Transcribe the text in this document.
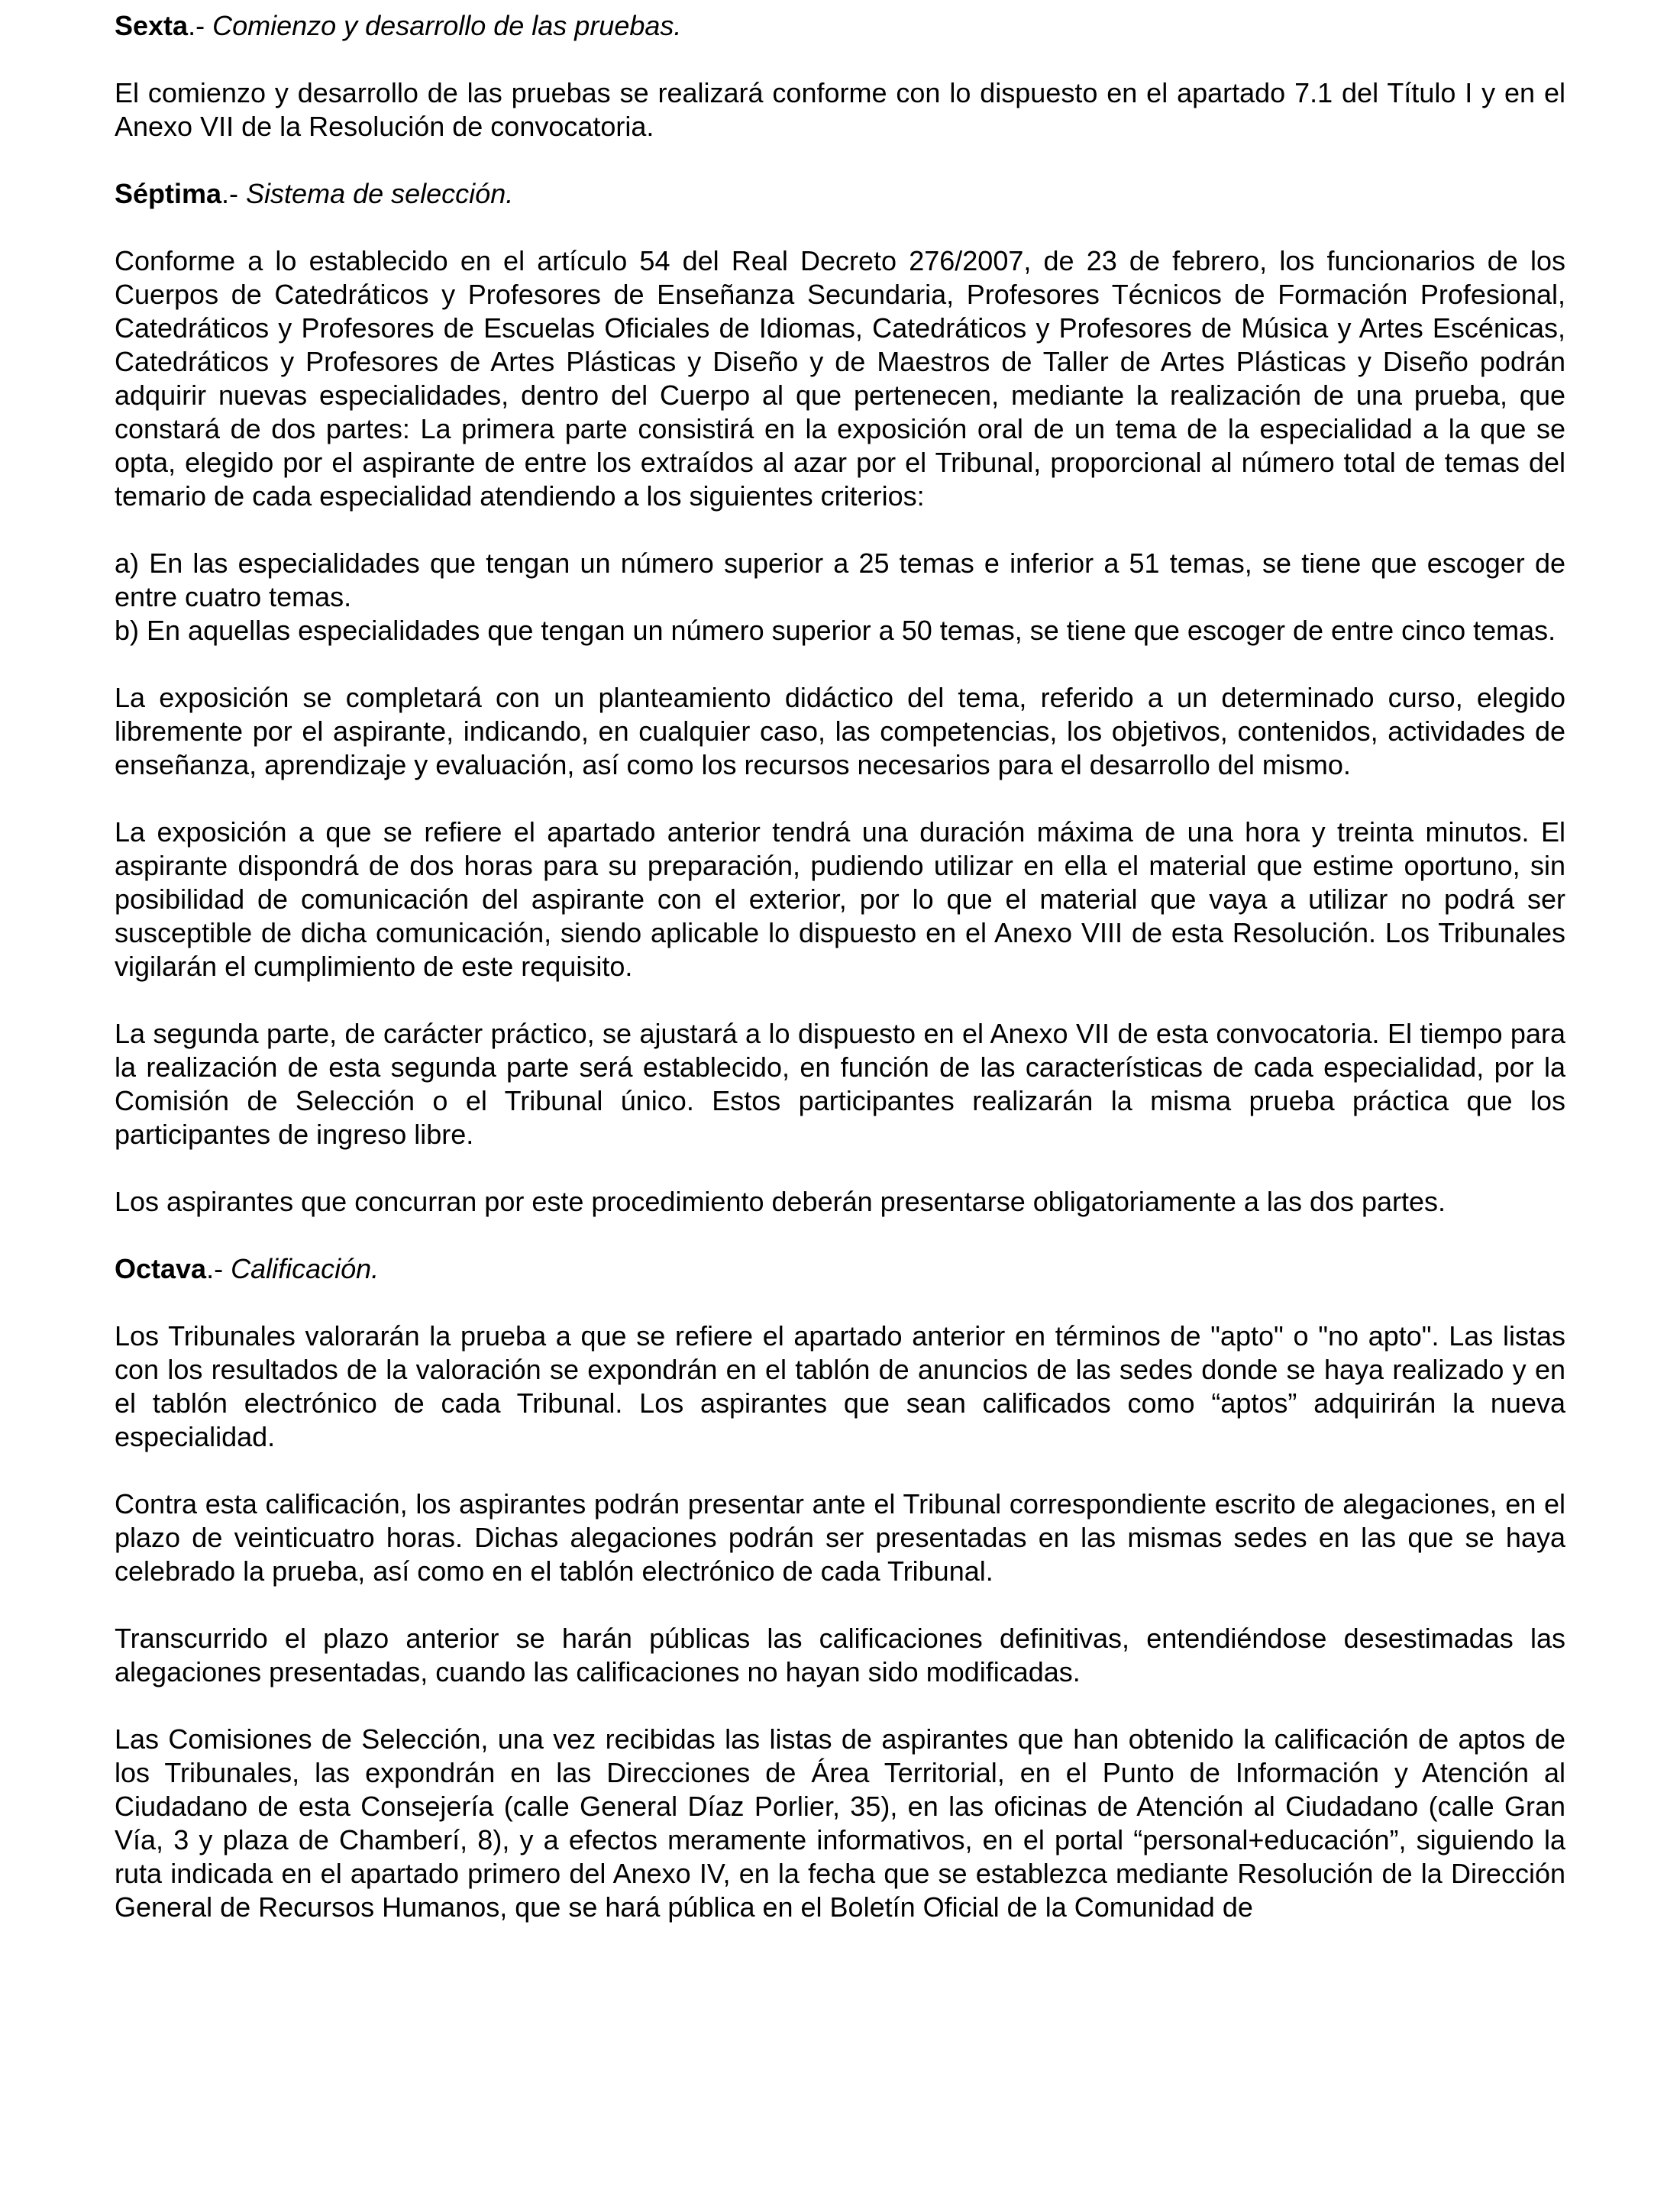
Sexta.- Comienzo y desarrollo de las pruebas.
El comienzo y desarrollo de las pruebas se realizará conforme con lo dispuesto en el apartado 7.1 del Título I y en el Anexo VII de la Resolución de convocatoria.
Séptima.- Sistema de selección.
Conforme a lo establecido en el artículo 54 del Real Decreto 276/2007, de 23 de febrero, los funcionarios de los Cuerpos de Catedráticos y Profesores de Enseñanza Secundaria, Profesores Técnicos de Formación Profesional, Catedráticos y Profesores de Escuelas Oficiales de Idiomas, Catedráticos y Profesores de Música y Artes Escénicas, Catedráticos y Profesores de Artes Plásticas y Diseño y de Maestros de Taller de Artes Plásticas y Diseño podrán adquirir nuevas especialidades, dentro del Cuerpo al que pertenecen, mediante la realización de una prueba, que constará de dos partes: La primera parte consistirá en la exposición oral de un tema de la especialidad a la que se opta, elegido por el aspirante de entre los extraídos al azar por el Tribunal, proporcional al número total de temas del temario de cada especialidad atendiendo a los siguientes criterios:
a) En las especialidades que tengan un número superior a 25 temas e inferior a 51 temas, se tiene que escoger de entre cuatro temas.
b) En aquellas especialidades que tengan un número superior a 50 temas, se tiene que escoger de entre cinco temas.
La exposición se completará con un planteamiento didáctico del tema, referido a un determinado curso, elegido libremente por el aspirante, indicando, en cualquier caso, las competencias, los objetivos, contenidos, actividades de enseñanza, aprendizaje y evaluación, así como los recursos necesarios para el desarrollo del mismo.
La exposición a que se refiere el apartado anterior tendrá una duración máxima de una hora y treinta minutos. El aspirante dispondrá de dos horas para su preparación, pudiendo utilizar en ella el material que estime oportuno, sin posibilidad de comunicación del aspirante con el exterior, por lo que el material que vaya a utilizar no podrá ser susceptible de dicha comunicación, siendo aplicable lo dispuesto en el Anexo VIII de esta Resolución. Los Tribunales vigilarán el cumplimiento de este requisito.
La segunda parte, de carácter práctico, se ajustará a lo dispuesto en el Anexo VII de esta convocatoria. El tiempo para la realización de esta segunda parte será establecido, en función de las características de cada especialidad, por la Comisión de Selección o el Tribunal único. Estos participantes realizarán la misma prueba práctica que los participantes de ingreso libre.
Los aspirantes que concurran por este procedimiento deberán presentarse obligatoriamente a las dos partes.
Octava.- Calificación.
Los Tribunales valorarán la prueba a que se refiere el apartado anterior en términos de "apto" o "no apto". Las listas con los resultados de la valoración se expondrán en el tablón de anuncios de las sedes donde se haya realizado y en el tablón electrónico de cada Tribunal. Los aspirantes que sean calificados como “aptos” adquirirán la nueva especialidad.
Contra esta calificación, los aspirantes podrán presentar ante el Tribunal correspondiente escrito de alegaciones, en el plazo de veinticuatro horas. Dichas alegaciones podrán ser presentadas en las mismas sedes en las que se haya celebrado la prueba, así como en el tablón electrónico de cada Tribunal.
Transcurrido el plazo anterior se harán públicas las calificaciones definitivas, entendiéndose desestimadas las alegaciones presentadas, cuando las calificaciones no hayan sido modificadas.
Las Comisiones de Selección, una vez recibidas las listas de aspirantes que han obtenido la calificación de aptos de los Tribunales, las expondrán en las Direcciones de Área Territorial, en el Punto de Información y Atención al Ciudadano de esta Consejería (calle General Díaz Porlier, 35), en las oficinas de Atención al Ciudadano (calle Gran Vía, 3 y plaza de Chamberí, 8), y a efectos meramente informativos, en el portal “personal+educación”, siguiendo la ruta indicada en el apartado primero del Anexo IV, en la fecha que se establezca mediante Resolución de la Dirección General de Recursos Humanos, que se hará pública en el Boletín Oficial de la Comunidad de
